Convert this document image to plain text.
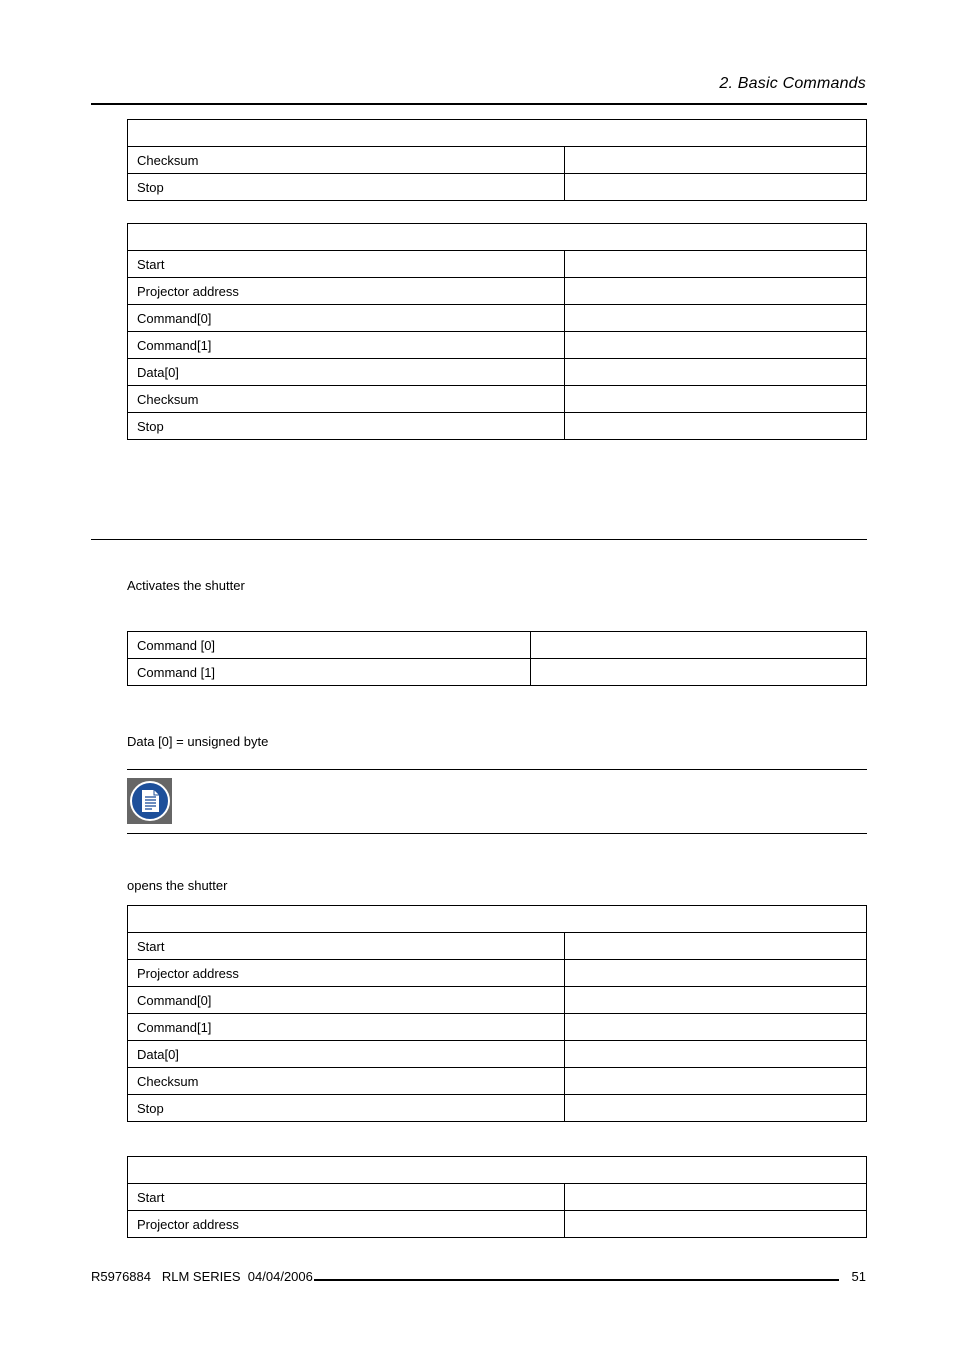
2. Basic Commands

Checksum	
Stop	

Start	
Projector address	
Command[0]	
Command[1]	
Data[0]	
Checksum	
Stop	
Activates the shutter
Command [0]	
Command [1]	
Data [0] = unsigned byte
opens the shutter

Start	
Projector address	
Command[0]	
Command[1]	
Data[0]	
Checksum	
Stop	

Start	
Projector address	
R5976884   RLM SERIES  04/04/2006	51
